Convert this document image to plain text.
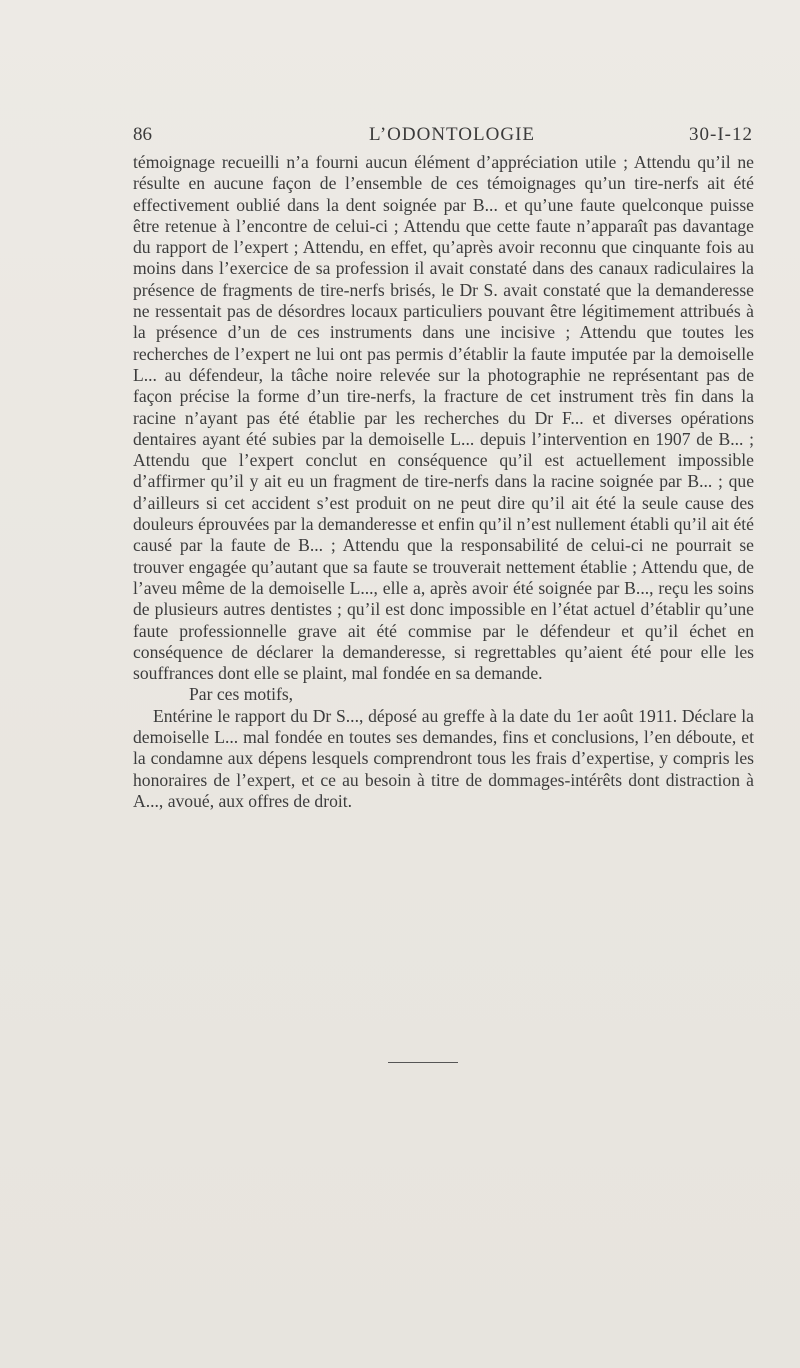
86	L’ODONTOLOGIE	30-I-12

témoignage recueilli n’a fourni aucun élément d’appréciation utile ; Attendu qu’il ne résulte en aucune façon de l’ensemble de ces témoignages qu’un tire-nerfs ait été effectivement oublié dans la dent soignée par B... et qu’une faute quelconque puisse être retenue à l’encontre de celui-ci ; Attendu que cette faute n’apparaît pas davantage du rapport de l’expert ; Attendu, en effet, qu’après avoir reconnu que cinquante fois au moins dans l’exercice de sa profession il avait constaté dans des canaux radiculaires la présence de fragments de tire-nerfs brisés, le Dr S. avait constaté que la demanderesse ne ressentait pas de désordres locaux particuliers pouvant être légitimement attribués à la présence d’un de ces instruments dans une incisive ; Attendu que toutes les recherches de l’expert ne lui ont pas permis d’établir la faute imputée par la demoiselle L... au défendeur, la tâche noire relevée sur la photographie ne représentant pas de façon précise la forme d’un tire-nerfs, la fracture de cet instrument très fin dans la racine n’ayant pas été établie par les recherches du Dr F... et diverses opérations dentaires ayant été subies par la demoiselle L... depuis l’intervention en 1907 de B... ; Attendu que l’expert conclut en conséquence qu’il est actuellement impossible d’affirmer qu’il y ait eu un fragment de tire-nerfs dans la racine soignée par B... ; que d’ailleurs si cet accident s’est produit on ne peut dire qu’il ait été la seule cause des douleurs éprouvées par la demanderesse et enfin qu’il n’est nullement établi qu’il ait été causé par la faute de B... ; Attendu que la responsabilité de celui-ci ne pourrait se trouver engagée qu’autant que sa faute se trouverait nettement établie ; Attendu que, de l’aveu même de la demoiselle L..., elle a, après avoir été soignée par B..., reçu les soins de plusieurs autres dentistes ; qu’il est donc impossible en l’état actuel d’établir qu’une faute professionnelle grave ait été commise par le défendeur et qu’il échet en conséquence de déclarer la demanderesse, si regrettables qu’aient été pour elle les souffrances dont elle se plaint, mal fondée en sa demande.

Par ces motifs,

Entérine le rapport du Dr S..., déposé au greffe à la date du 1er août 1911. Déclare la demoiselle L... mal fondée en toutes ses demandes, fins et conclusions, l’en déboute, et la condamne aux dépens lesquels comprendront tous les frais d’expertise, y compris les honoraires de l’expert, et ce au besoin à titre de dommages-intérêts dont distraction à A..., avoué, aux offres de droit.
